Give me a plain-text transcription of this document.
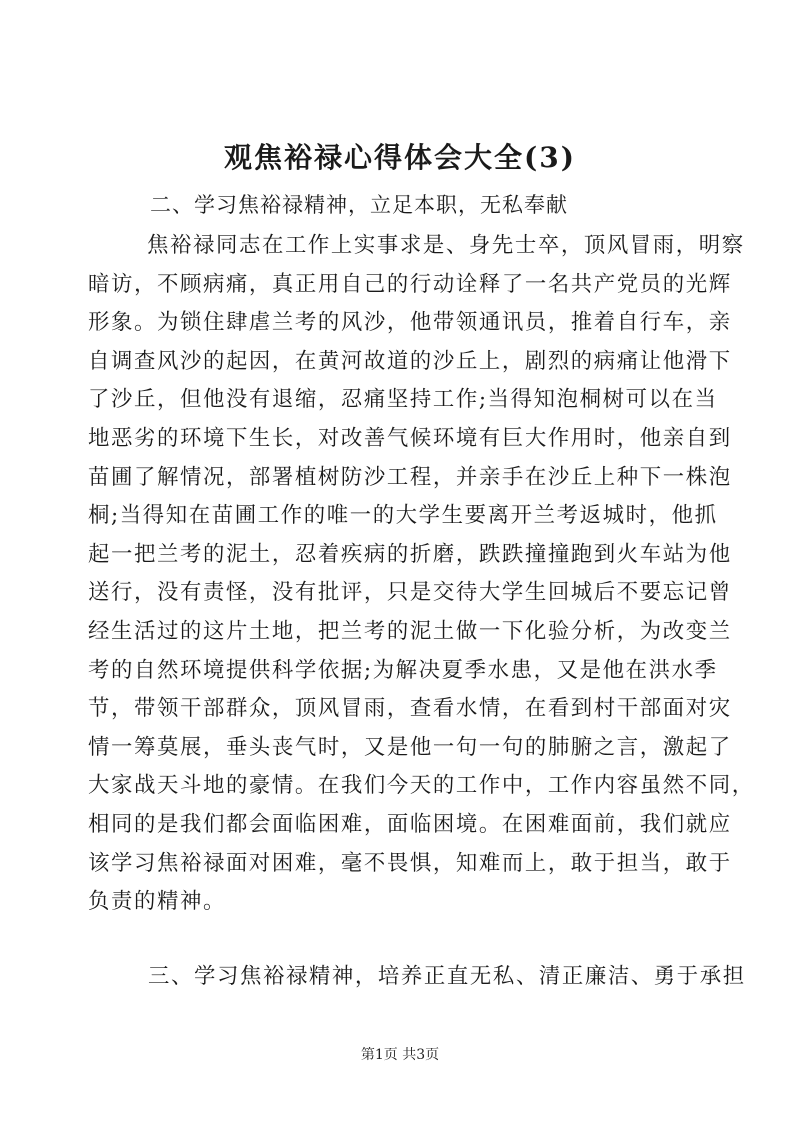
观焦裕禄心得体会大全(3)
二、学习焦裕禄精神，立足本职，无私奉献
焦裕禄同志在工作上实事求是、身先士卒，顶风冒雨，明察
暗访，不顾病痛，真正用自己的行动诠释了一名共产党员的光辉
形象。为锁住肆虐兰考的风沙，他带领通讯员，推着自行车，亲
自调查风沙的起因，在黄河故道的沙丘上，剧烈的病痛让他滑下
了沙丘，但他没有退缩，忍痛坚持工作;当得知泡桐树可以在当
地恶劣的环境下生长，对改善气候环境有巨大作用时，他亲自到
苗圃了解情况，部署植树防沙工程，并亲手在沙丘上种下一株泡
桐;当得知在苗圃工作的唯一的大学生要离开兰考返城时，他抓
起一把兰考的泥土，忍着疾病的折磨，跌跌撞撞跑到火车站为他
送行，没有责怪，没有批评，只是交待大学生回城后不要忘记曾
经生活过的这片土地，把兰考的泥土做一下化验分析，为改变兰
考的自然环境提供科学依据;为解决夏季水患，又是他在洪水季
节，带领干部群众，顶风冒雨，查看水情，在看到村干部面对灾
情一筹莫展，垂头丧气时，又是他一句一句的肺腑之言，激起了
大家战天斗地的豪情。在我们今天的工作中，工作内容虽然不同，
相同的是我们都会面临困难，面临困境。在困难面前，我们就应
该学习焦裕禄面对困难，毫不畏惧，知难而上，敢于担当，敢于
负责的精神。
三、学习焦裕禄精神，培养正直无私、清正廉洁、勇于承担
第1页 共3页
